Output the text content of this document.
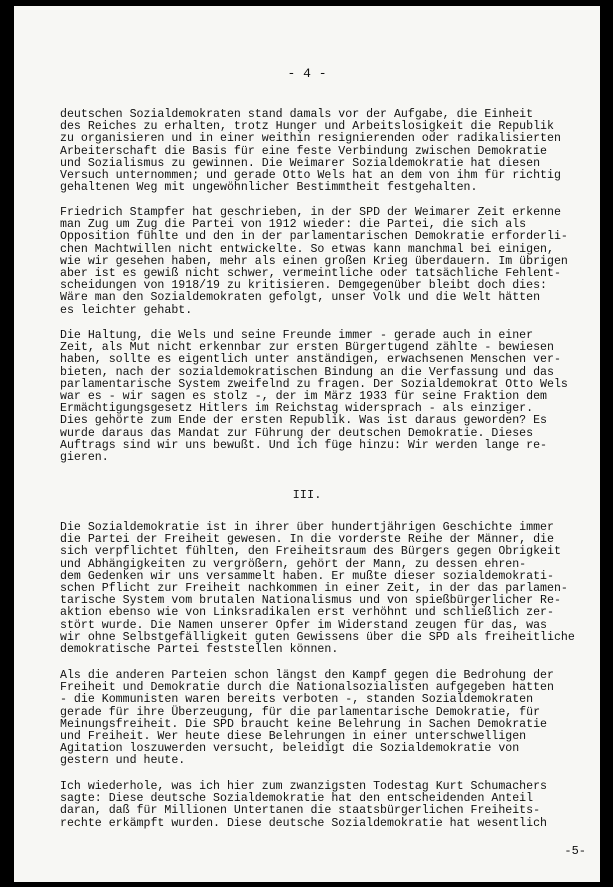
- 4 -

deutschen Sozialdemokraten stand damals vor der Aufgabe, die Einheit
des Reiches zu erhalten, trotz Hunger und Arbeitslosigkeit die Republik
zu organisieren und in einer weithin resignierenden oder radikalisierten
Arbeiterschaft die Basis für eine feste Verbindung zwischen Demokratie
und Sozialismus zu gewinnen. Die Weimarer Sozialdemokratie hat diesen
Versuch unternommen; und gerade Otto Wels hat an dem von ihm für richtig
gehaltenen Weg mit ungewöhnlicher Bestimmtheit festgehalten.

Friedrich Stampfer hat geschrieben, in der SPD der Weimarer Zeit erkenne
man Zug um Zug die Partei von 1912 wieder: die Partei, die sich als
Opposition fühlte und den in der parlamentarischen Demokratie erforderli-
chen Machtwillen nicht entwickelte. So etwas kann manchmal bei einigen,
wie wir gesehen haben, mehr als einen großen Krieg überdauern. Im übrigen
aber ist es gewiß nicht schwer, vermeintliche oder tatsächliche Fehlent-
scheidungen von 1918/19 zu kritisieren. Demgegenüber bleibt doch dies:
Wäre man den Sozialdemokraten gefolgt, unser Volk und die Welt hätten
es leichter gehabt.

Die Haltung, die Wels und seine Freunde immer - gerade auch in einer
Zeit, als Mut nicht erkennbar zur ersten Bürgertugend zählte - bewiesen
haben, sollte es eigentlich unter anständigen, erwachsenen Menschen ver-
bieten, nach der sozialdemokratischen Bindung an die Verfassung und das
parlamentarische System zweifelnd zu fragen. Der Sozialdemokrat Otto Wels
war es - wir sagen es stolz -, der im März 1933 für seine Fraktion dem
Ermächtigungsgesetz Hitlers im Reichstag widersprach - als einziger.
Dies gehörte zum Ende der ersten Republik. Was ist daraus geworden? Es
wurde daraus das Mandat zur Führung der deutschen Demokratie. Dieses
Auftrags sind wir uns bewußt. Und ich füge hinzu: Wir werden lange re-
gieren.

III.

Die Sozialdemokratie ist in ihrer über hundertjährigen Geschichte immer
die Partei der Freiheit gewesen. In die vorderste Reihe der Männer, die
sich verpflichtet fühlten, den Freiheitsraum des Bürgers gegen Obrigkeit
und Abhängigkeiten zu vergrößern, gehört der Mann, zu dessen ehren-
dem Gedenken wir uns versammelt haben. Er mußte dieser sozialdemokrati-
schen Pflicht zur Freiheit nachkommen in einer Zeit, in der das parlamen-
tarische System vom brutalen Nationalismus und von spießbürgerlicher Re-
aktion ebenso wie von Linksradikalen erst verhöhnt und schließlich zer-
stört wurde. Die Namen unserer Opfer im Widerstand zeugen für das, was
wir ohne Selbstgefälligkeit guten Gewissens über die SPD als freiheitliche
demokratische Partei feststellen können.

Als die anderen Parteien schon längst den Kampf gegen die Bedrohung der
Freiheit und Demokratie durch die Nationalsozialisten aufgegeben hatten
- die Kommunisten waren bereits verboten -, standen Sozialdemokraten
gerade für ihre Überzeugung, für die parlamentarische Demokratie, für
Meinungsfreiheit. Die SPD braucht keine Belehrung in Sachen Demokratie
und Freiheit. Wer heute diese Belehrungen in einer unterschwelligen
Agitation loszuwerden versucht, beleidigt die Sozialdemokratie von
gestern und heute.

Ich wiederhole, was ich hier zum zwanzigsten Todestag Kurt Schumachers
sagte: Diese deutsche Sozialdemokratie hat den entscheidenden Anteil
daran, daß für Millionen Untertanen die staatsbürgerlichen Freiheits-
rechte erkämpft wurden. Diese deutsche Sozialdemokratie hat wesentlich

-5-
